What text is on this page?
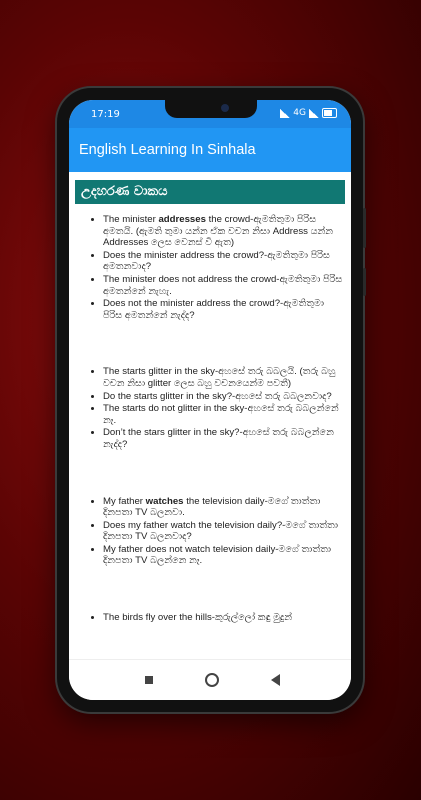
17:19	4G
English Learning In Sinhala
උදහරණ වාකය
• The minister addresses the crowd-ඇමතිතුමා පිරිස අමතයි. (ඇමති තුමා යන්න ඒක වචන නිසා Address යන්න Addresses ලෙස වෙනස් වී ඇත)
• Does the minister address the crowd?-ඇමතිතුමා පිරිස අමතනවාද?
• The minister does not address the crowd-ඇමතිතුමා පිරිස අමතන්නේ නැහැ.
• Does not the minister address the crowd?-ඇමතිතුමා පිරිස අමතන්නේ නැද්ද?
• The starts glitter in the sky-අහසේ තරු බබලයි. (තරු බහු වචන නිසා glitter ලෙස බහු වචනයෙන්ම පවතී)
• Do the starts glitter in the sky?-අහසේ තරු බබලනවාද?
• The starts do not glitter in the sky-අහසේ තරු බබලන්නේ නෑ.
• Don’t the stars glitter in the sky?-අහසේ තරු බබලන්නෙ නැද්ද?
• My father watches the television daily-මගේ තාත්තා දිනපතා TV බලනවා.
• Does my father watch the television daily?-මගේ තාත්තා දිනපතා TV බලනවාද?
• My father does not watch television daily-මගේ තාත්තා දිනපතා TV බලන්නෙ නෑ.
• The birds fly over the hills-කුරුල්ලෝ කඳු මුදුන්
